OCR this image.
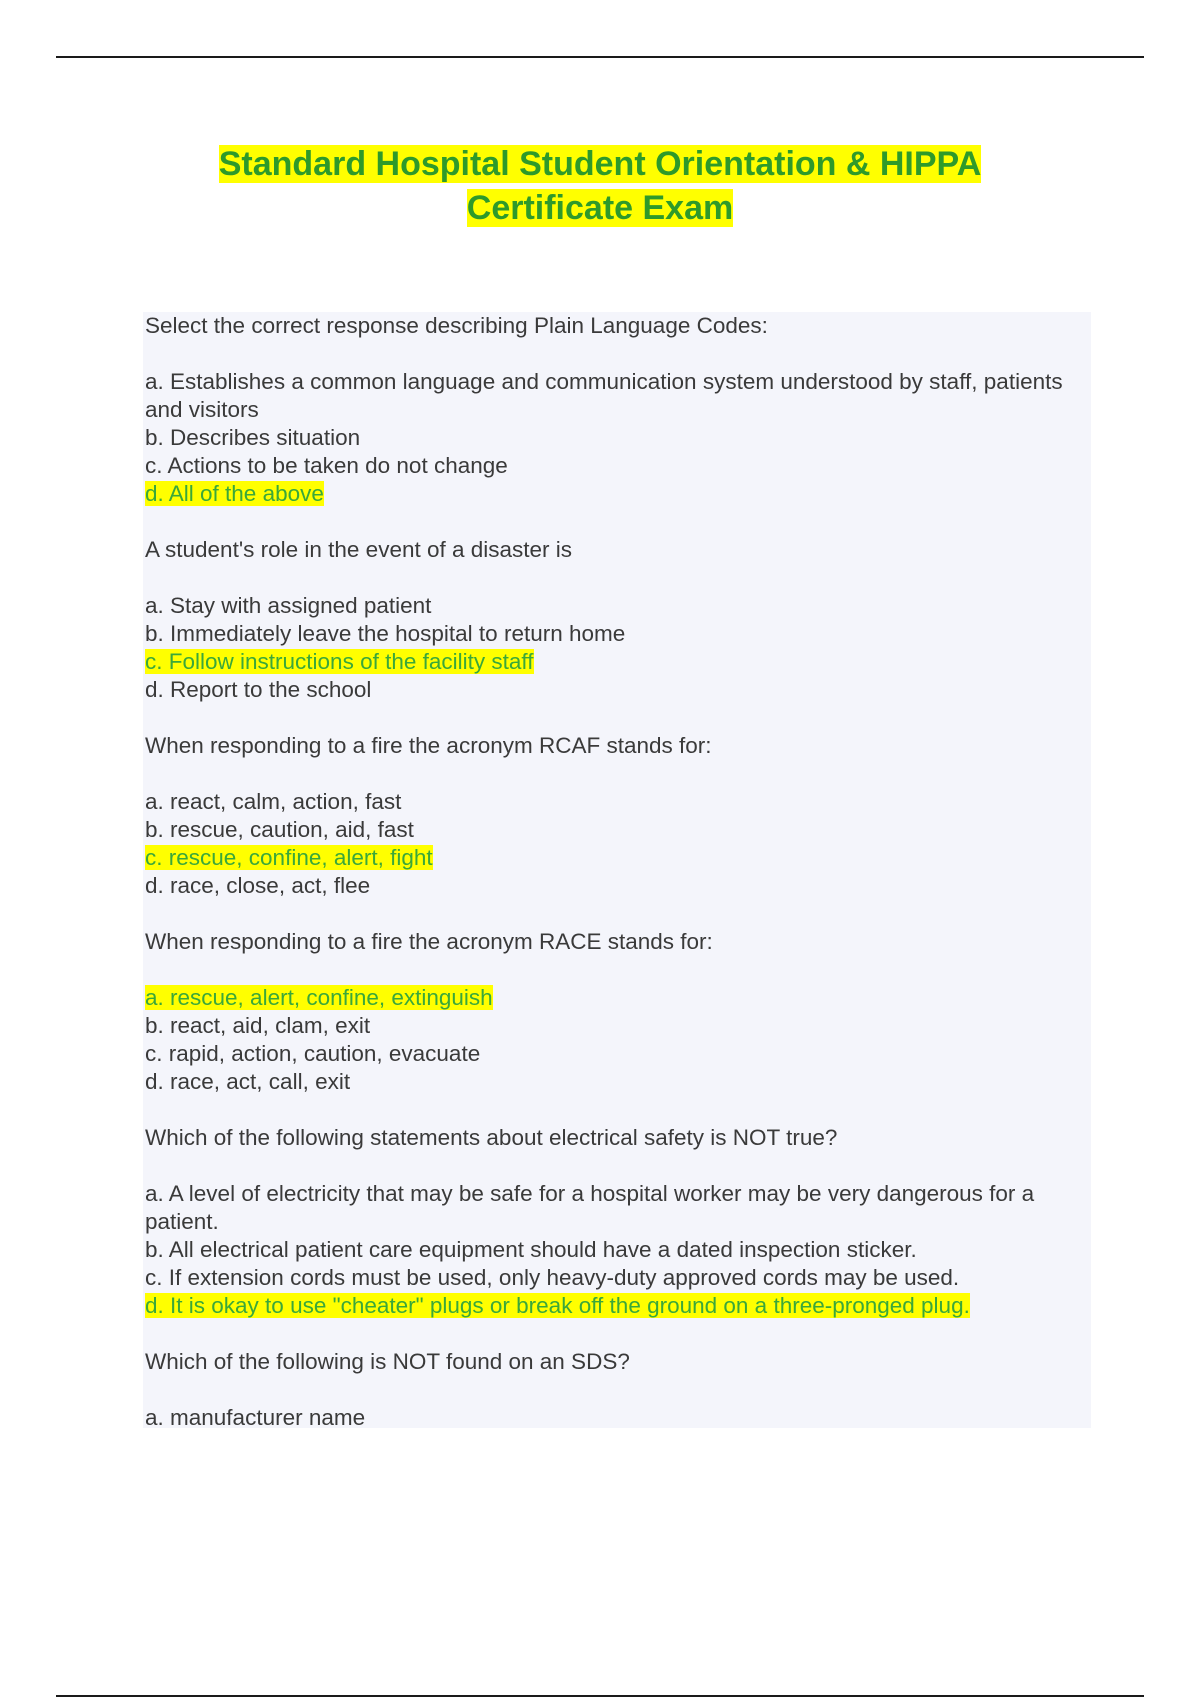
Standard Hospital Student Orientation & HIPPA
Certificate Exam
Select the correct response describing Plain Language Codes:
a. Establishes a common language and communication system understood by staff, patients and visitors
b. Describes situation
c. Actions to be taken do not change
d. All of the above
A student's role in the event of a disaster is
a. Stay with assigned patient
b. Immediately leave the hospital to return home
c. Follow instructions of the facility staff
d. Report to the school
When responding to a fire the acronym RCAF stands for:
a. react, calm, action, fast
b. rescue, caution, aid, fast
c. rescue, confine, alert, fight
d. race, close, act, flee
When responding to a fire the acronym RACE stands for:
a. rescue, alert, confine, extinguish
b. react, aid, clam, exit
c. rapid, action, caution, evacuate
d. race, act, call, exit
Which of the following statements about electrical safety is NOT true?
a. A level of electricity that may be safe for a hospital worker may be very dangerous for a patient.
b. All electrical patient care equipment should have a dated inspection sticker.
c. If extension cords must be used, only heavy-duty approved cords may be used.
d. It is okay to use "cheater" plugs or break off the ground on a three-pronged plug.
Which of the following is NOT found on an SDS?
a. manufacturer name
